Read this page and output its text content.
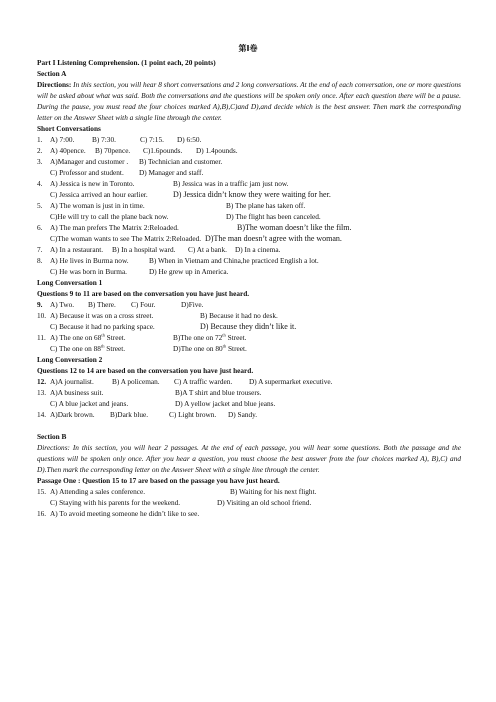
第Ⅰ卷

Part I Listening Comprehension. (1 point each, 20 points)

Section A

Directions: In this section, you will hear 8 short conversations and 2 long conversations. At the end of each conversation, one or more questions will be asked about what was said. Both the conversations and the questions will be spoken only once. After each question there will be a pause. During the pause, you must read the four choices marked A),B),C)and D),and decide which is the best answer. Then mark the corresponding letter on the Answer Sheet with a single line through the center.

Short Conversations

1.	A) 7:00.	B) 7:30.	C) 7:15.	D) 6:50.
2.	A) 40pence.	B) 70pence.	C)1.6pounds.	D) 1.4pounds.
3.	A)Manager and customer .	B) Technician and customer.
C) Professor and student.	D) Manager and staff.
4.	A) Jessica is new in Toronto.	B) Jessica was in a traffic jam just now.
C) Jessica arrived an hour earlier.	D) Jessica didn’t know they were waiting for her.
5.	A) The woman is just in in time.	B) The plane has taken off.
C)He will try to call the plane back now.	D) The flight has been canceled.
6.	A) The man prefers The Matrix 2:Reloaded.	B)The woman doesn’t like the film.
C)The woman wants to see The Matrix 2:Reloaded. D)The man doesn’t agree with the woman.
7.	A) In a restaurant.	B) In a hospital ward.	C) At a bank.	D) In a cinema.
8.	A) He lives in Burma now.	B) When in Vietnam and China,he practiced English a lot.
C) He was born in Burma.	D) He grew up in America.

Long Conversation 1

Questions 9 to 11 are based on the conversation you have just heard.

9.	A) Two.	B) There.	C) Four.	D)Five.
10. A) Because it was on a cross street.	B) Because it had no desk.
C) Because it had no parking space.	D) Because they didn’t like it.
11. A) The one on 68th Street.	B)The one on 72th Street.
C) The one on 88th Street.	D)The one on 80th Street.

Long Conversation 2

Questions 12 to 14 are based on the conversation you have just heard.

12. A)A journalist.	B) A policeman.	C) A traffic warden.	D) A supermarket executive.
13. A)A business suit.	B)A T shirt and blue trousers.
C) A blue jacket and jeans.	D) A yellow jacket and blue jeans.
14. A)Dark brown.	B)Dark blue.	C) Light brown.	D) Sandy.

Section B

Directions: In this section, you will hear 2 passages. At the end of each passage, you will hear some questions. Both the passage and the questions will be spoken only once. After you hear a question, you must choose the best answer from the four choices marked A), B),C) and D).Then mark the corresponding letter on the Answer Sheet with a single line through the center.

Passage One : Question 15 to 17 are based on the passage you have just heard.

15. A) Attending a sales conference.	B) Waiting for his next flight.
C) Staying with his parents for the weekend.	D) Visiting an old school friend.
16. A) To avoid meeting someone he didn’t like to see.
